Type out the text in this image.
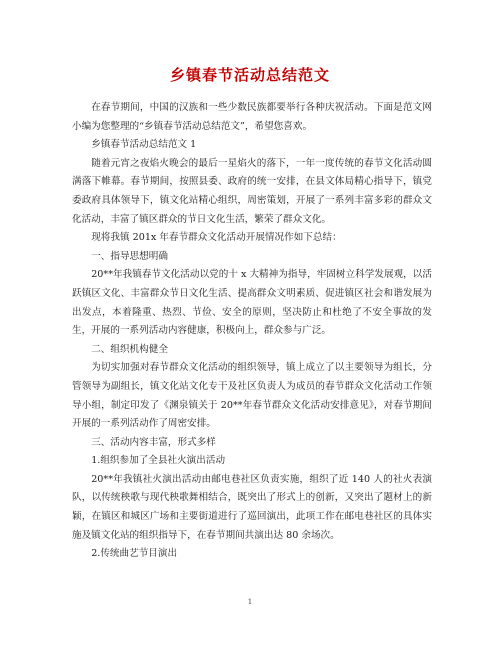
乡镇春节活动总结范文

在春节期间，中国的汉族和一些少数民族都要举行各种庆祝活动。下面是范文网小编为您整理的“乡镇春节活动总结范文”，希望您喜欢。

乡镇春节活动总结范文 1

随着元宵之夜焰火晚会的最后一星焰火的落下，一年一度传统的春节文化活动圆满落下帷幕。春节期间，按照县委、政府的统一安排，在县文体局精心指导下，镇党委政府具体领导下，镇文化站精心组织，周密策划，开展了一系列丰富多彩的群众文化活动，丰富了镇区群众的节日文化生活，繁荣了群众文化。

现将我镇 201x 年春节群众文化活动开展情况作如下总结：

一、指导思想明确

20**年我镇春节文化活动以党的十 x 大精神为指导，牢固树立科学发展观，以活跃镇区文化、丰富群众节日文化生活、提高群众文明素质、促进镇区社会和谐发展为出发点，本着隆重、热烈、节俭、安全的原则，坚决防止和杜绝了不安全事故的发生，开展的一系列活动内容健康，积极向上，群众参与广泛。

二、组织机构健全

为切实加强对春节群众文化活动的组织领导，镇上成立了以主要领导为组长，分管领导为副组长，镇文化站文化专干及社区负责人为成员的春节群众文化活动工作领导小组，制定印发了《渊泉镇关于 20**年春节群众文化活动安排意见》，对春节期间开展的一系列活动作了周密安排。

三、活动内容丰富，形式多样

1.组织参加了全县社火演出活动

20**年我镇社火演出活动由邮电巷社区负责实施，组织了近 140 人的社火表演队，以传统秧歌与现代秧歌舞相结合，既突出了形式上的创新，又突出了题材上的新颖，在镇区和城区广场和主要街道进行了巡回演出，此项工作在邮电巷社区的具体实施及镇文化站的组织指导下，在春节期间共演出达 80 余场次。

2.传统曲艺节目演出

1
